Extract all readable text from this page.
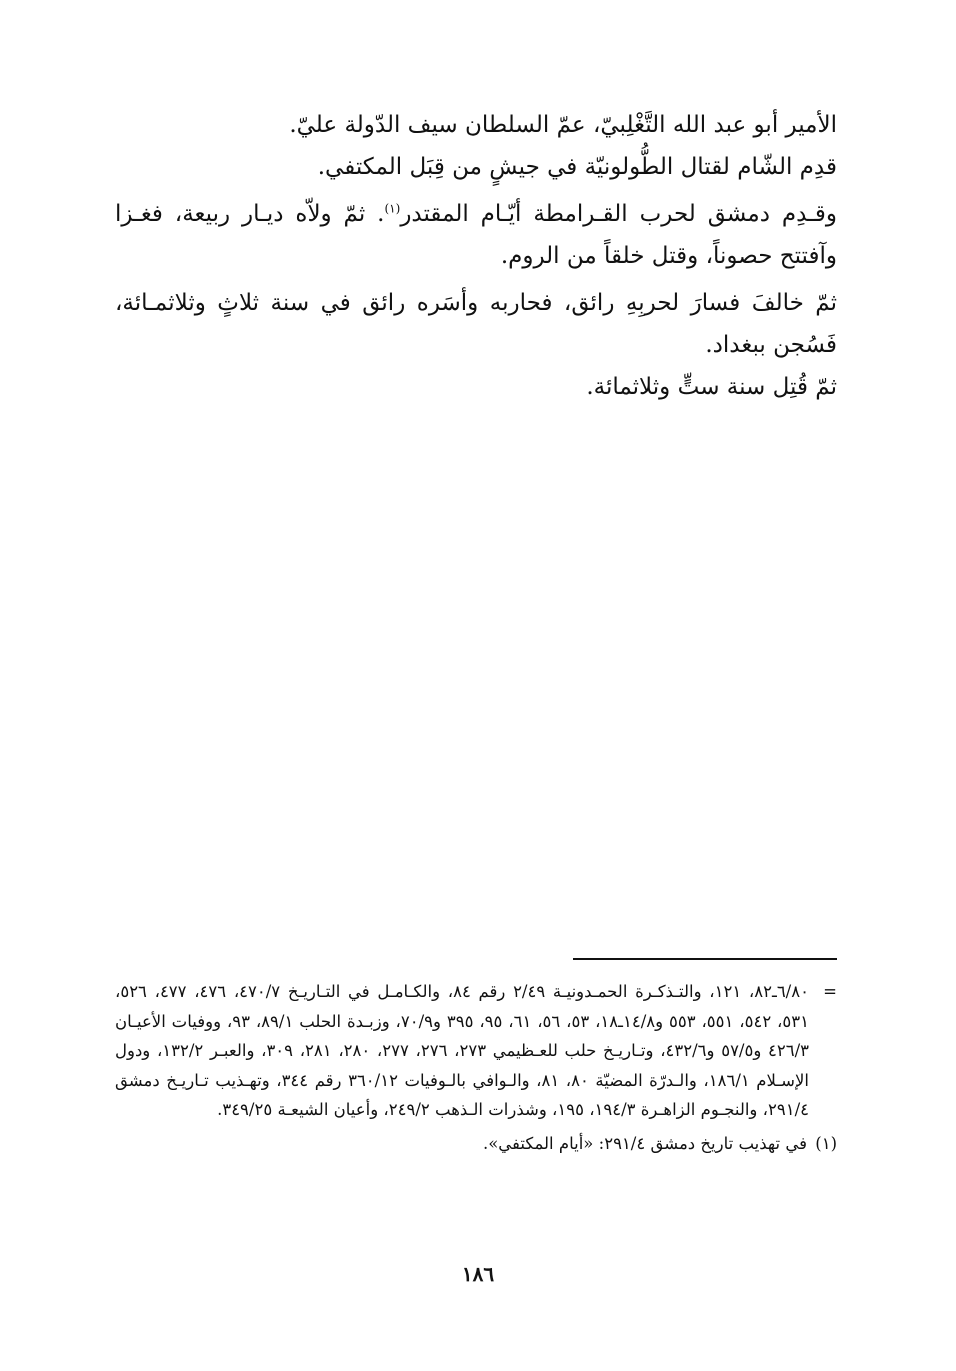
الأمير أبو عبد الله التَّغْلِبيّ، عمّ السلطان سيف الدّولة عليّ.

قدِم الشّام لقتال الطُّولونيّة في جيشٍ من قِبَل المكتفي.

وقـدِم دمشق لحرب القـرامطة أيّـام المقتدر$^{(١)}$. ثمّ ولاّه ديـار ربيعة، فغـزا وآفتتح حصوناً، وقتل خلقاً من الروم.

ثمّ خالفَ فسارَ لحربِهِ رائق، فحاربه وأسَره رائق في سنة ثلاثٍ وثلاثمـائة، فَسُجن ببغداد.

ثمّ قُتِل سنة ستٍّ وثلاثمائة.

=
٦/٨٠ـ٨٢، ١٢١، والتـذكـرة الحمـدونيـة ٢/٤٩ رقم ٨٤، والكـامـل في التـاريـخ ٤٧٠/٧، ٤٧٦، ٤٧٧، ٥٢٦، ٥٣١، ٥٤٢، ٥٥١، ٥٥٣ و١٤/٨ـ١٨، ٥٣، ٥٦، ٦١، ٩٥، ٣٩٥ و٧٠/٩، وزبـدة الحلب ٨٩/١، ٩٣، ووفيات الأعيـان ٤٢٦/٣ و٥٧/٥ و٤٣٢/٦، وتـاريـخ حلب للعـظيمي ٢٧٣، ٢٧٦، ٢٧٧، ٢٨٠، ٢٨١، ٣٠٩، والعبـر ١٣٢/٢، ودول الإسـلام ١٨٦/١، والـدرّة المضيّة ٨٠، ٨١، والـوافي بالـوفيات ٣٦٠/١٢ رقم ٣٤٤، وتهـذيب تـاريـخ دمشق ٢٩١/٤، والنجـوم الزاهـرة ١٩٤/٣، ١٩٥، وشذرات الـذهب ٢٤٩/٢، وأعيان الشيعـة ٣٤٩/٢٥.
(١)
في تهذيب تاريخ دمشق ٢٩١/٤: «أيام المكتفي».
١٨٦
